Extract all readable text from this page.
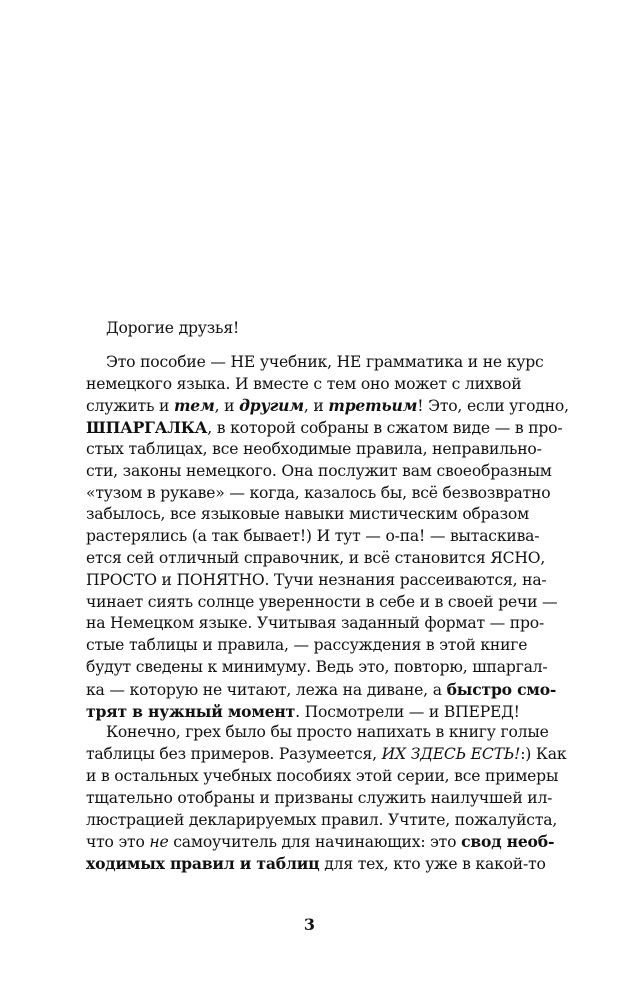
Дорогие друзья!
Это пособие — НЕ учебник, НЕ грамматика и не курс
немецкого языка. И вместе с тем оно может с лихвой
служить и тем, и другим, и третьим! Это, если угодно,
ШПАРГАЛКА, в которой собраны в сжатом виде — в про-
стых таблицах, все необходимые правила, неправильно-
сти, законы немецкого. Она послужит вам своеобразным
«тузом в рукаве» — когда, казалось бы, всё безвозвратно
забылось, все языковые навыки мистическим образом
растерялись (а так бывает!) И тут — о-па! — вытаскива-
ется сей отличный справочник, и всё становится ЯСНО,
ПРОСТО и ПОНЯТНО. Тучи незнания рассеиваются, на-
чинает сиять солнце уверенности в себе и в своей речи —
на Немецком языке. Учитывая заданный формат — про-
стые таблицы и правила, — рассуждения в этой книге
будут сведены к минимуму. Ведь это, повторю, шпаргал-
ка — которую не читают, лежа на диване, а быстро смо-
трят в нужный момент. Посмотрели — и ВПЕРЕД!
Конечно, грех было бы просто напихать в книгу голые
таблицы без примеров. Разумеется, ИХ ЗДЕСЬ ЕСТЬ!:) Как
и в остальных учебных пособиях этой серии, все примеры
тщательно отобраны и призваны служить наилучшей ил-
люстрацией декларируемых правил. Учтите, пожалуйста,
что это не самоучитель для начинающих: это свод необ-
ходимых правил и таблиц для тех, кто уже в какой-то
3
